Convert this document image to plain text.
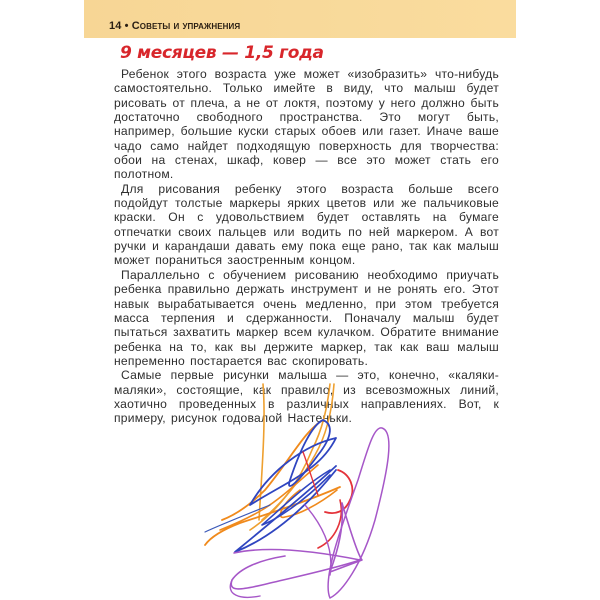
14 • Советы и упражнения
9 месяцев — 1,5 года

Ребенок этого возраста уже может «изобразить» что-нибудь самостоятельно. Только имейте в виду, что малыш будет рисовать от плеча, а не от локтя, поэтому у него должно быть достаточно свободного пространства. Это могут быть, например, большие куски старых обоев или газет. Иначе ваше чадо само найдет подходящую поверхность для творчества: обои на стенах, шкаф, ковер — все это может стать его полотном.

Для рисования ребенку этого возраста больше всего подойдут толстые маркеры ярких цветов или же пальчиковые краски. Он с удовольствием будет оставлять на бумаге отпечатки своих пальцев или водить по ней маркером. А вот ручки и карандаши давать ему пока еще рано, так как малыш может пораниться заостренным концом.

Параллельно с обучением рисованию необходимо приучать ребенка правильно держать инструмент и не ронять его. Этот навык вырабатывается очень медленно, при этом требуется масса терпения и сдержанности. Поначалу малыш будет пытаться захватить маркер всем кулачком. Обратите внимание ребенка на то, как вы держите маркер, так как ваш малыш непременно постарается вас скопировать.

Самые первые рисунки малыша — это, конечно, «каляки-маляки», состоящие, как правило, из всевозможных линий, хаотично проведенных в различных направлениях. Вот, к примеру, рисунок годовалой Настеньки.
